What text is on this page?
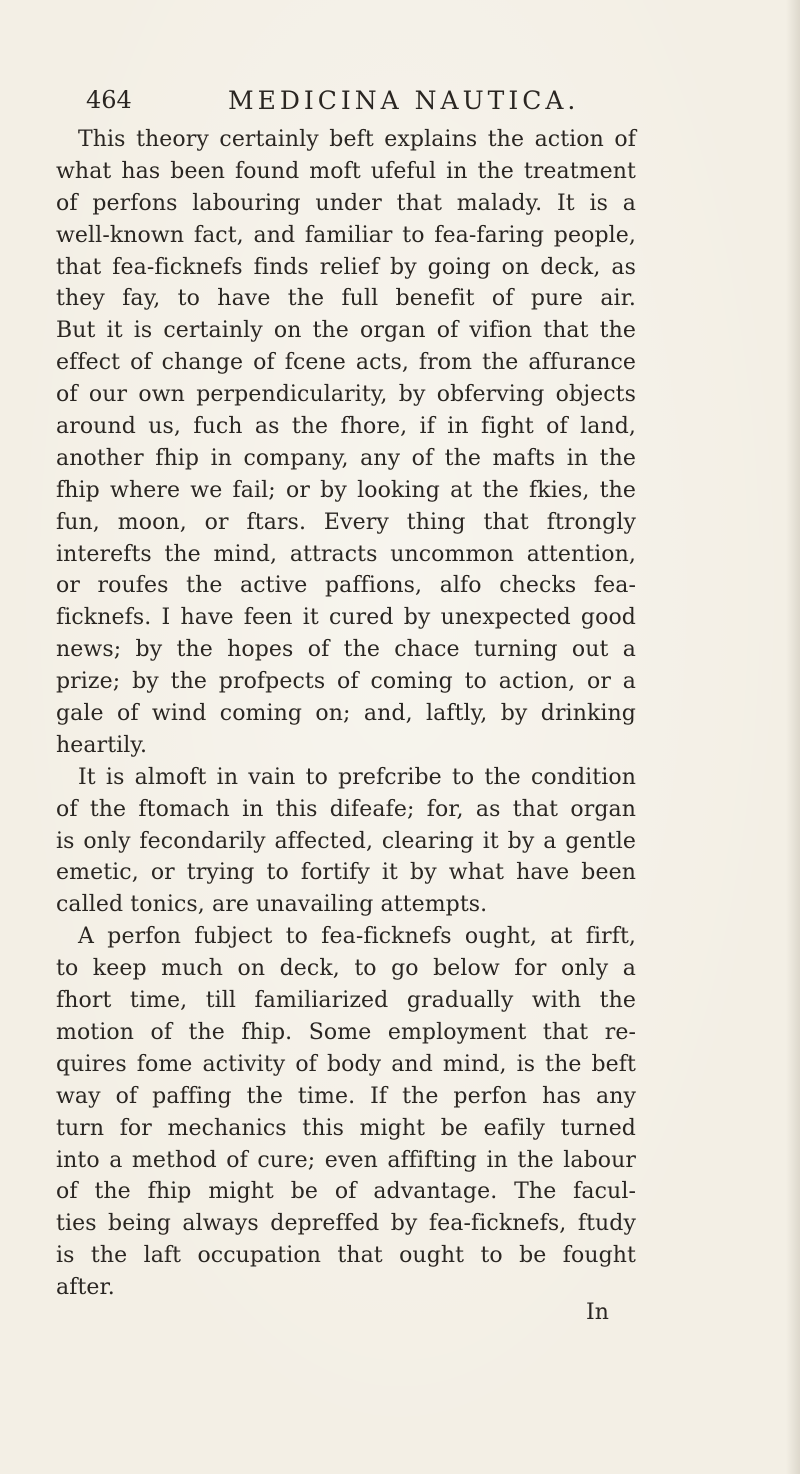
464	MEDICINA NAUTICA.
This theory certainly beft explains the action of
what has been found moft ufeful in the treatment
of perfons labouring under that malady. It is a
well-known fact, and familiar to fea-faring people,
that fea-ficknefs finds relief by going on deck, as
they fay, to have the full benefit of pure air.
But it is certainly on the organ of vifion that the
effect of change of fcene acts, from the affurance
of our own perpendicularity, by obferving objects
around us, fuch as the fhore, if in fight of land,
another fhip in company, any of the mafts in the
fhip where we fail; or by looking at the fkies, the
fun, moon, or ftars. Every thing that ftrongly
interefts the mind, attracts uncommon attention,
or roufes the active paffions, alfo checks fea-
ficknefs. I have feen it cured by unexpected good
news; by the hopes of the chace turning out a
prize; by the profpects of coming to action, or a
gale of wind coming on; and, laftly, by drinking
heartily.
It is almoft in vain to prefcribe to the condition
of the ftomach in this difeafe; for, as that organ
is only fecondarily affected, clearing it by a gentle
emetic, or trying to fortify it by what have been
called tonics, are unavailing attempts.
A perfon fubject to fea-ficknefs ought, at firft,
to keep much on deck, to go below for only a
fhort time, till familiarized gradually with the
motion of the fhip. Some employment that re-
quires fome activity of body and mind, is the beft
way of paffing the time. If the perfon has any
turn for mechanics this might be eafily turned
into a method of cure; even affifting in the labour
of the fhip might be of advantage. The facul-
ties being always depreffed by fea-ficknefs, ftudy
is the laft occupation that ought to be fought
after.
In
